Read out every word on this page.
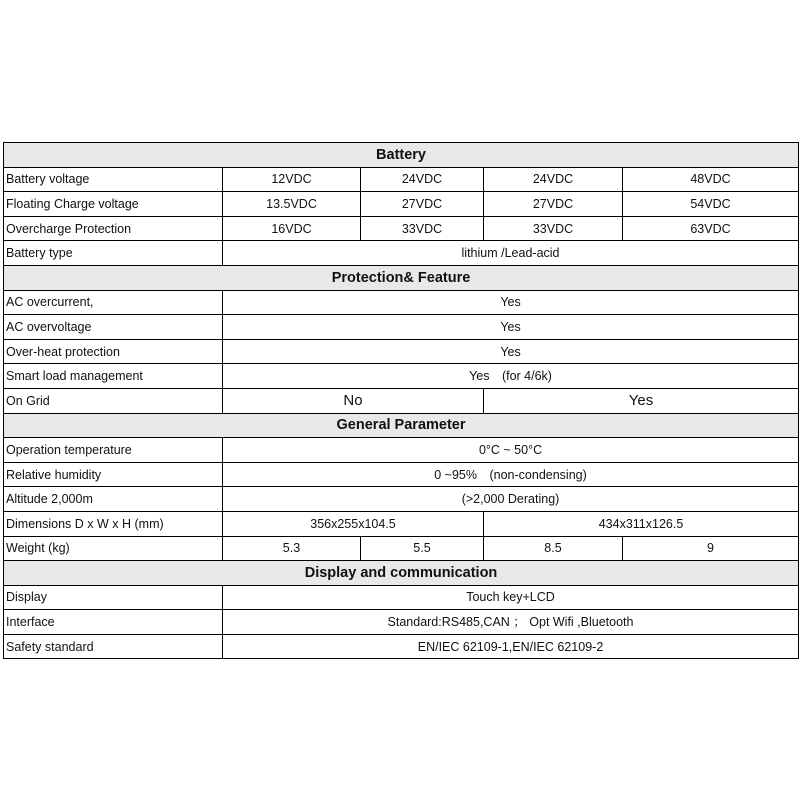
Battery				
Battery voltage	12VDC	24VDC	24VDC	48VDC
Floating Charge voltage	13.5VDC	27VDC	27VDC	54VDC
Overcharge Protection	16VDC	33VDC	33VDC	63VDC
Battery type	lithium /Lead-acid			
Protection& Feature				
AC overcurrent,	Yes			
AC overvoltage	Yes			
Over-heat protection	Yes			
Smart load management	Yes　(for 4/6k)			
On Grid	No		Yes	
General Parameter				
Operation temperature	0°C ~ 50°C			
Relative humidity	0 ~95%　(non-condensing)			
Altitude 2,000m	(>2,000 Derating)			
Dimensions D x W x H (mm)	356x255x104.5		434x311x126.5	
Weight (kg)	5.3	5.5	8.5	9
Display and communication				
Display	Touch key+LCD			
Interface	Standard:RS485,CAN ； Opt Wifi ,Bluetooth			
Safety standard	EN/IEC 62109-1,EN/IEC 62109-2			
